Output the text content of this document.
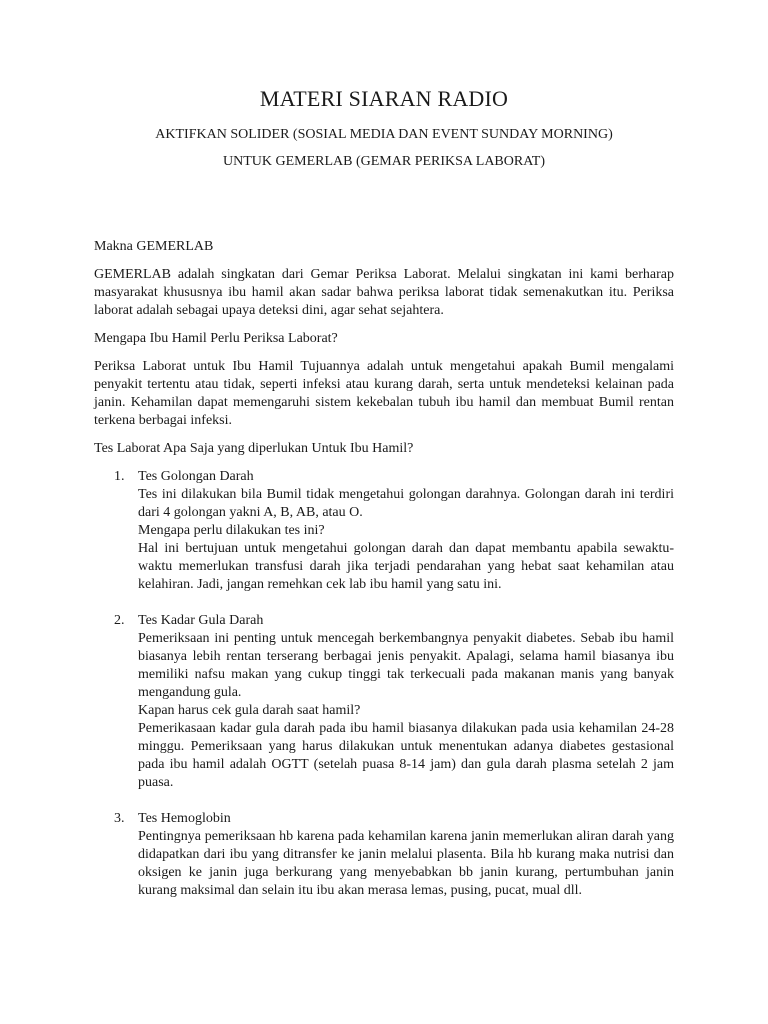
MATERI SIARAN RADIO

AKTIFKAN SOLIDER (SOSIAL MEDIA DAN EVENT SUNDAY MORNING)

UNTUK GEMERLAB (GEMAR PERIKSA LABORAT)

Makna GEMERLAB

GEMERLAB adalah singkatan dari Gemar Periksa Laborat. Melalui singkatan ini kami berharap masyarakat khususnya ibu hamil akan sadar bahwa periksa laborat tidak semenakutkan itu. Periksa laborat adalah sebagai upaya deteksi dini, agar sehat sejahtera.

Mengapa Ibu Hamil Perlu Periksa Laborat?

Periksa Laborat untuk Ibu Hamil Tujuannya adalah untuk mengetahui apakah Bumil mengalami penyakit tertentu atau tidak, seperti infeksi atau kurang darah, serta untuk mendeteksi kelainan pada janin. Kehamilan dapat memengaruhi sistem kekebalan tubuh ibu hamil dan membuat Bumil rentan terkena berbagai infeksi.

Tes Laborat Apa Saja yang diperlukan Untuk Ibu Hamil?

1. Tes Golongan Darah

Tes ini dilakukan bila Bumil tidak mengetahui golongan darahnya. Golongan darah ini terdiri dari 4 golongan yakni A, B, AB, atau O.

Mengapa perlu dilakukan tes ini?

Hal ini bertujuan untuk mengetahui golongan darah dan dapat membantu apabila sewaktu-waktu memerlukan transfusi darah jika terjadi pendarahan yang hebat saat kehamilan atau kelahiran. Jadi, jangan remehkan cek lab ibu hamil yang satu ini.

2. Tes Kadar Gula Darah

Pemeriksaan ini penting untuk mencegah berkembangnya penyakit diabetes. Sebab ibu hamil biasanya lebih rentan terserang berbagai jenis penyakit. Apalagi, selama hamil biasanya ibu memiliki nafsu makan yang cukup tinggi tak terkecuali pada makanan manis yang banyak mengandung gula.

Kapan harus cek gula darah saat hamil?

Pemerikasaan kadar gula darah pada ibu hamil biasanya dilakukan pada usia kehamilan 24-28 minggu. Pemeriksaan yang harus dilakukan untuk menentukan adanya diabetes gestasional pada ibu hamil adalah OGTT (setelah puasa 8-14 jam) dan gula darah plasma setelah 2 jam puasa.

3. Tes Hemoglobin

Pentingnya pemeriksaan hb karena pada kehamilan karena janin memerlukan aliran darah yang didapatkan dari ibu yang ditransfer ke janin melalui plasenta. Bila hb kurang maka nutrisi dan oksigen ke janin juga berkurang yang menyebabkan bb janin kurang, pertumbuhan janin kurang maksimal dan selain itu ibu akan merasa lemas, pusing, pucat, mual dll.
